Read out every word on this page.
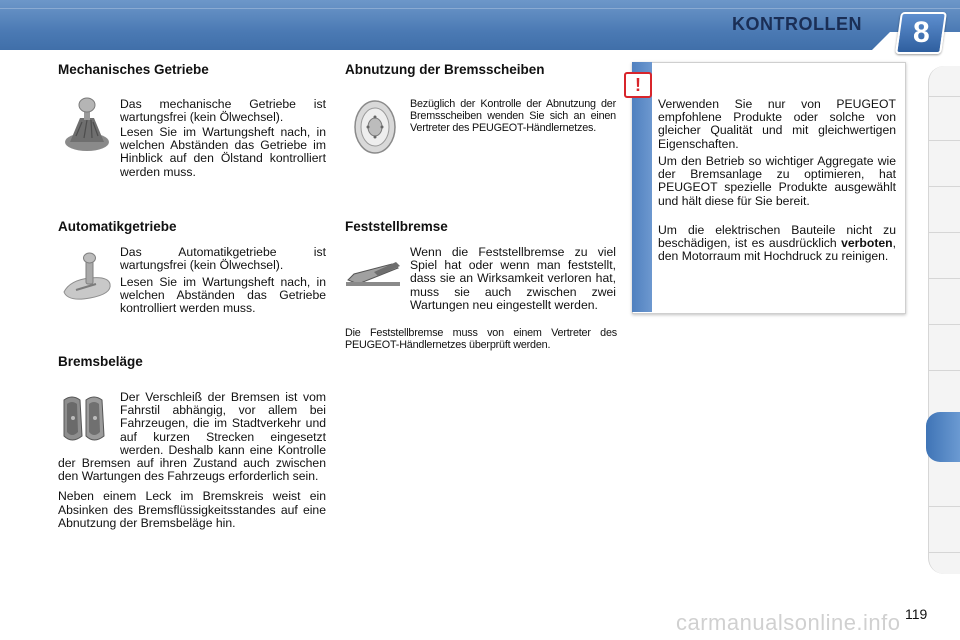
KONTROLLEN 8
Mechanisches Getriebe

Das mechanische Getriebe ist wartungsfrei (kein Ölwechsel).

Lesen Sie im Wartungsheft nach, in welchen Abständen das Getriebe im Hinblick auf den Ölstand kontrolliert werden muss.

Automatikgetriebe

Das Automatikgetriebe ist wartungsfrei (kein Ölwechsel).

Lesen Sie im Wartungsheft nach, in welchen Abständen das Getriebe kontrolliert werden muss.

Bremsbeläge

Der Verschleiß der Bremsen ist vom Fahrstil abhängig, vor allem bei Fahrzeugen, die im Stadtverkehr und auf kurzen Strecken eingesetzt werden. Deshalb kann eine Kontrolle der Bremsen auf ihren Zustand auch zwischen den Wartungen des Fahrzeugs erforderlich sein.

Neben einem Leck im Bremskreis weist ein Absinken des Bremsflüssigkeitsstandes auf eine Abnutzung der Bremsbeläge hin.

Abnutzung der Bremsscheiben

Bezüglich der Kontrolle der Abnutzung der Bremsscheiben wenden Sie sich an einen Vertreter des PEUGEOT-Händlernetzes.

Feststellbremse

Wenn die Feststellbremse zu viel Spiel hat oder wenn man feststellt, dass sie an Wirksamkeit verloren hat, muss sie auch zwischen zwei Wartungen neu eingestellt werden.

Die Feststellbremse muss von einem Vertreter des PEUGEOT-Händlernetzes überprüft werden.

!

Verwenden Sie nur von PEUGEOT empfohlene Produkte oder solche von gleicher Qualität und mit gleichwertigen Eigenschaften.

Um den Betrieb so wichtiger Aggregate wie der Bremsanlage zu optimieren, hat PEUGEOT spezielle Produkte ausgewählt und hält diese für Sie bereit.

Um die elektrischen Bauteile nicht zu beschädigen, ist es ausdrücklich verboten, den Motorraum mit Hochdruck zu reinigen.

carmanualsonline.info 119
